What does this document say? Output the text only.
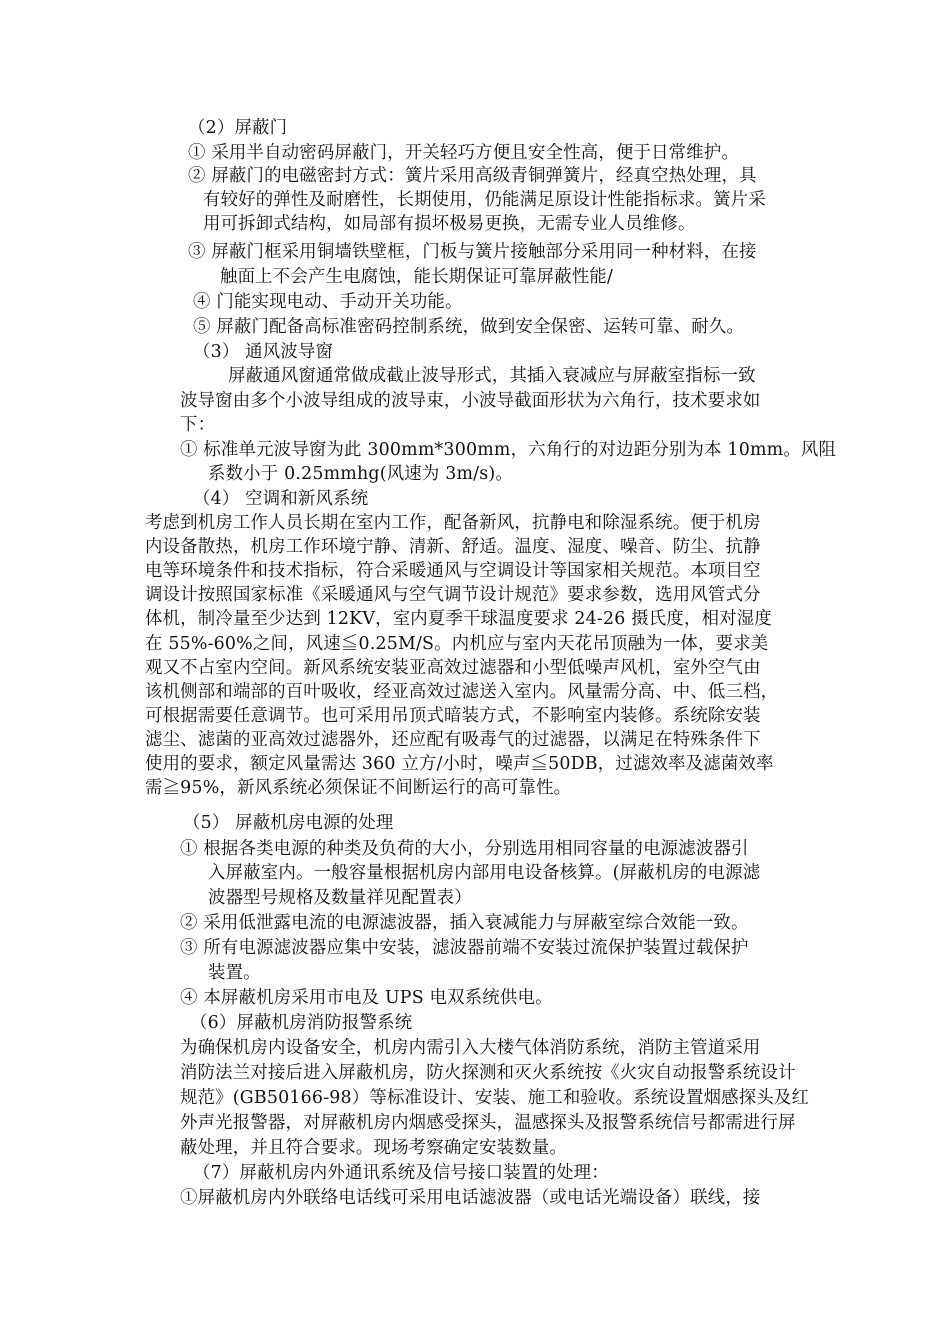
（2）屏蔽门
① 采用半自动密码屏蔽门，开关轻巧方便且安全性高，便于日常维护。
② 屏蔽门的电磁密封方式：簧片采用高级青铜弹簧片，经真空热处理，具
有较好的弹性及耐磨性，长期使用，仍能满足原设计性能指标求。簧片采
用可拆卸式结构，如局部有损坏极易更换，无需专业人员维修。
③ 屏蔽门框采用铜墙铁壁框，门板与簧片接触部分采用同一种材料，在接
触面上不会产生电腐蚀，能长期保证可靠屏蔽性能/
④ 门能实现电动、手动开关功能。
⑤ 屏蔽门配备高标准密码控制系统，做到安全保密、运转可靠、耐久。
（3） 通风波导窗
屏蔽通风窗通常做成截止波导形式，其插入衰减应与屏蔽室指标一致
波导窗由多个小波导组成的波导束，小波导截面形状为六角行，技术要求如
下：
① 标准单元波导窗为此 300mm*300mm，六角行的对边距分别为本 10mm。风阻
系数小于 0.25mmhg(风速为 3m/s)。
（4） 空调和新风系统
考虑到机房工作人员长期在室内工作，配备新风，抗静电和除湿系统。便于机房
内设备散热，机房工作环境宁静、清新、舒适。温度、湿度、噪音、防尘、抗静
电等环境条件和技术指标，符合采暖通风与空调设计等国家相关规范。本项目空
调设计按照国家标准《采暖通风与空气调节设计规范》要求参数，选用风管式分
体机，制冷量至少达到 12KV，室内夏季干球温度要求 24-26 摄氏度，相对湿度
在 55%-60%之间，风速≦0.25M/S。内机应与室内天花吊顶融为一体，要求美
观又不占室内空间。新风系统安装亚高效过滤器和小型低噪声风机，室外空气由
该机侧部和端部的百叶吸收，经亚高效过滤送入室内。风量需分高、中、低三档，
可根据需要任意调节。也可采用吊顶式暗装方式，不影响室内装修。系统除安装
滤尘、滤菌的亚高效过滤器外，还应配有吸毒气的过滤器，以满足在特殊条件下
使用的要求，额定风量需达 360 立方/小时，噪声≦50DB，过滤效率及滤菌效率
需≧95%，新风系统必须保证不间断运行的高可靠性。
（5） 屏蔽机房电源的处理
① 根据各类电源的种类及负荷的大小，分别选用相同容量的电源滤波器引
入屏蔽室内。一般容量根据机房内部用电设备核算。(屏蔽机房的电源滤
波器型号规格及数量祥见配置表）
② 采用低泄露电流的电源滤波器，插入衰减能力与屏蔽室综合效能一致。
③ 所有电源滤波器应集中安装，滤波器前端不安装过流保护装置过载保护
装置。
④ 本屏蔽机房采用市电及 UPS 电双系统供电。
（6）屏蔽机房消防报警系统
为确保机房内设备安全，机房内需引入大楼气体消防系统，消防主管道采用
消防法兰对接后进入屏蔽机房，防火探测和灭火系统按《火灾自动报警系统设计
规范》(GB50166-98）等标准设计、安装、施工和验收。系统设置烟感探头及红
外声光报警器，对屏蔽机房内烟感受探头，温感探头及报警系统信号都需进行屏
蔽处理，并且符合要求。现场考察确定安装数量。
（7）屏蔽机房内外通讯系统及信号接口装置的处理：
①屏蔽机房内外联络电话线可采用电话滤波器（或电话光端设备）联线，接
